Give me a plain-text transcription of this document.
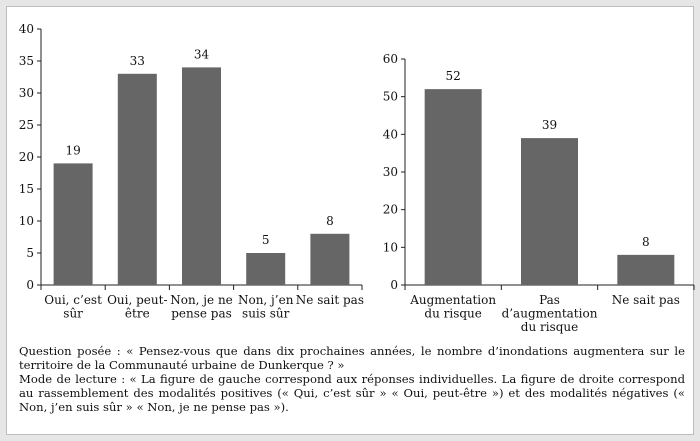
0
5
10
15
20
25
30
35
40
19
Oui, c’est sûr
33
Oui, peut-être
34
Non, je ne pense pas
5
Non, j’en suis sûr
8
Ne sait pas
0
10
20
30
40
50
60
52
Augmentation du risque
39
Pas d’augmentation du risque
8
Ne sait pas

Question posée : « Pensez-vous que dans dix prochaines années, le nombre d’inondations augmentera sur le territoire de la Communauté urbaine de Dunkerque ? »

Mode de lecture : « La figure de gauche correspond aux réponses individuelles. La figure de droite correspond au rassemblement des modalités positives (« Qui, c’est sûr » « Oui, peut-être ») et des modalités négatives (« Non, j’en suis sûr » « Non, je ne pense pas »).
